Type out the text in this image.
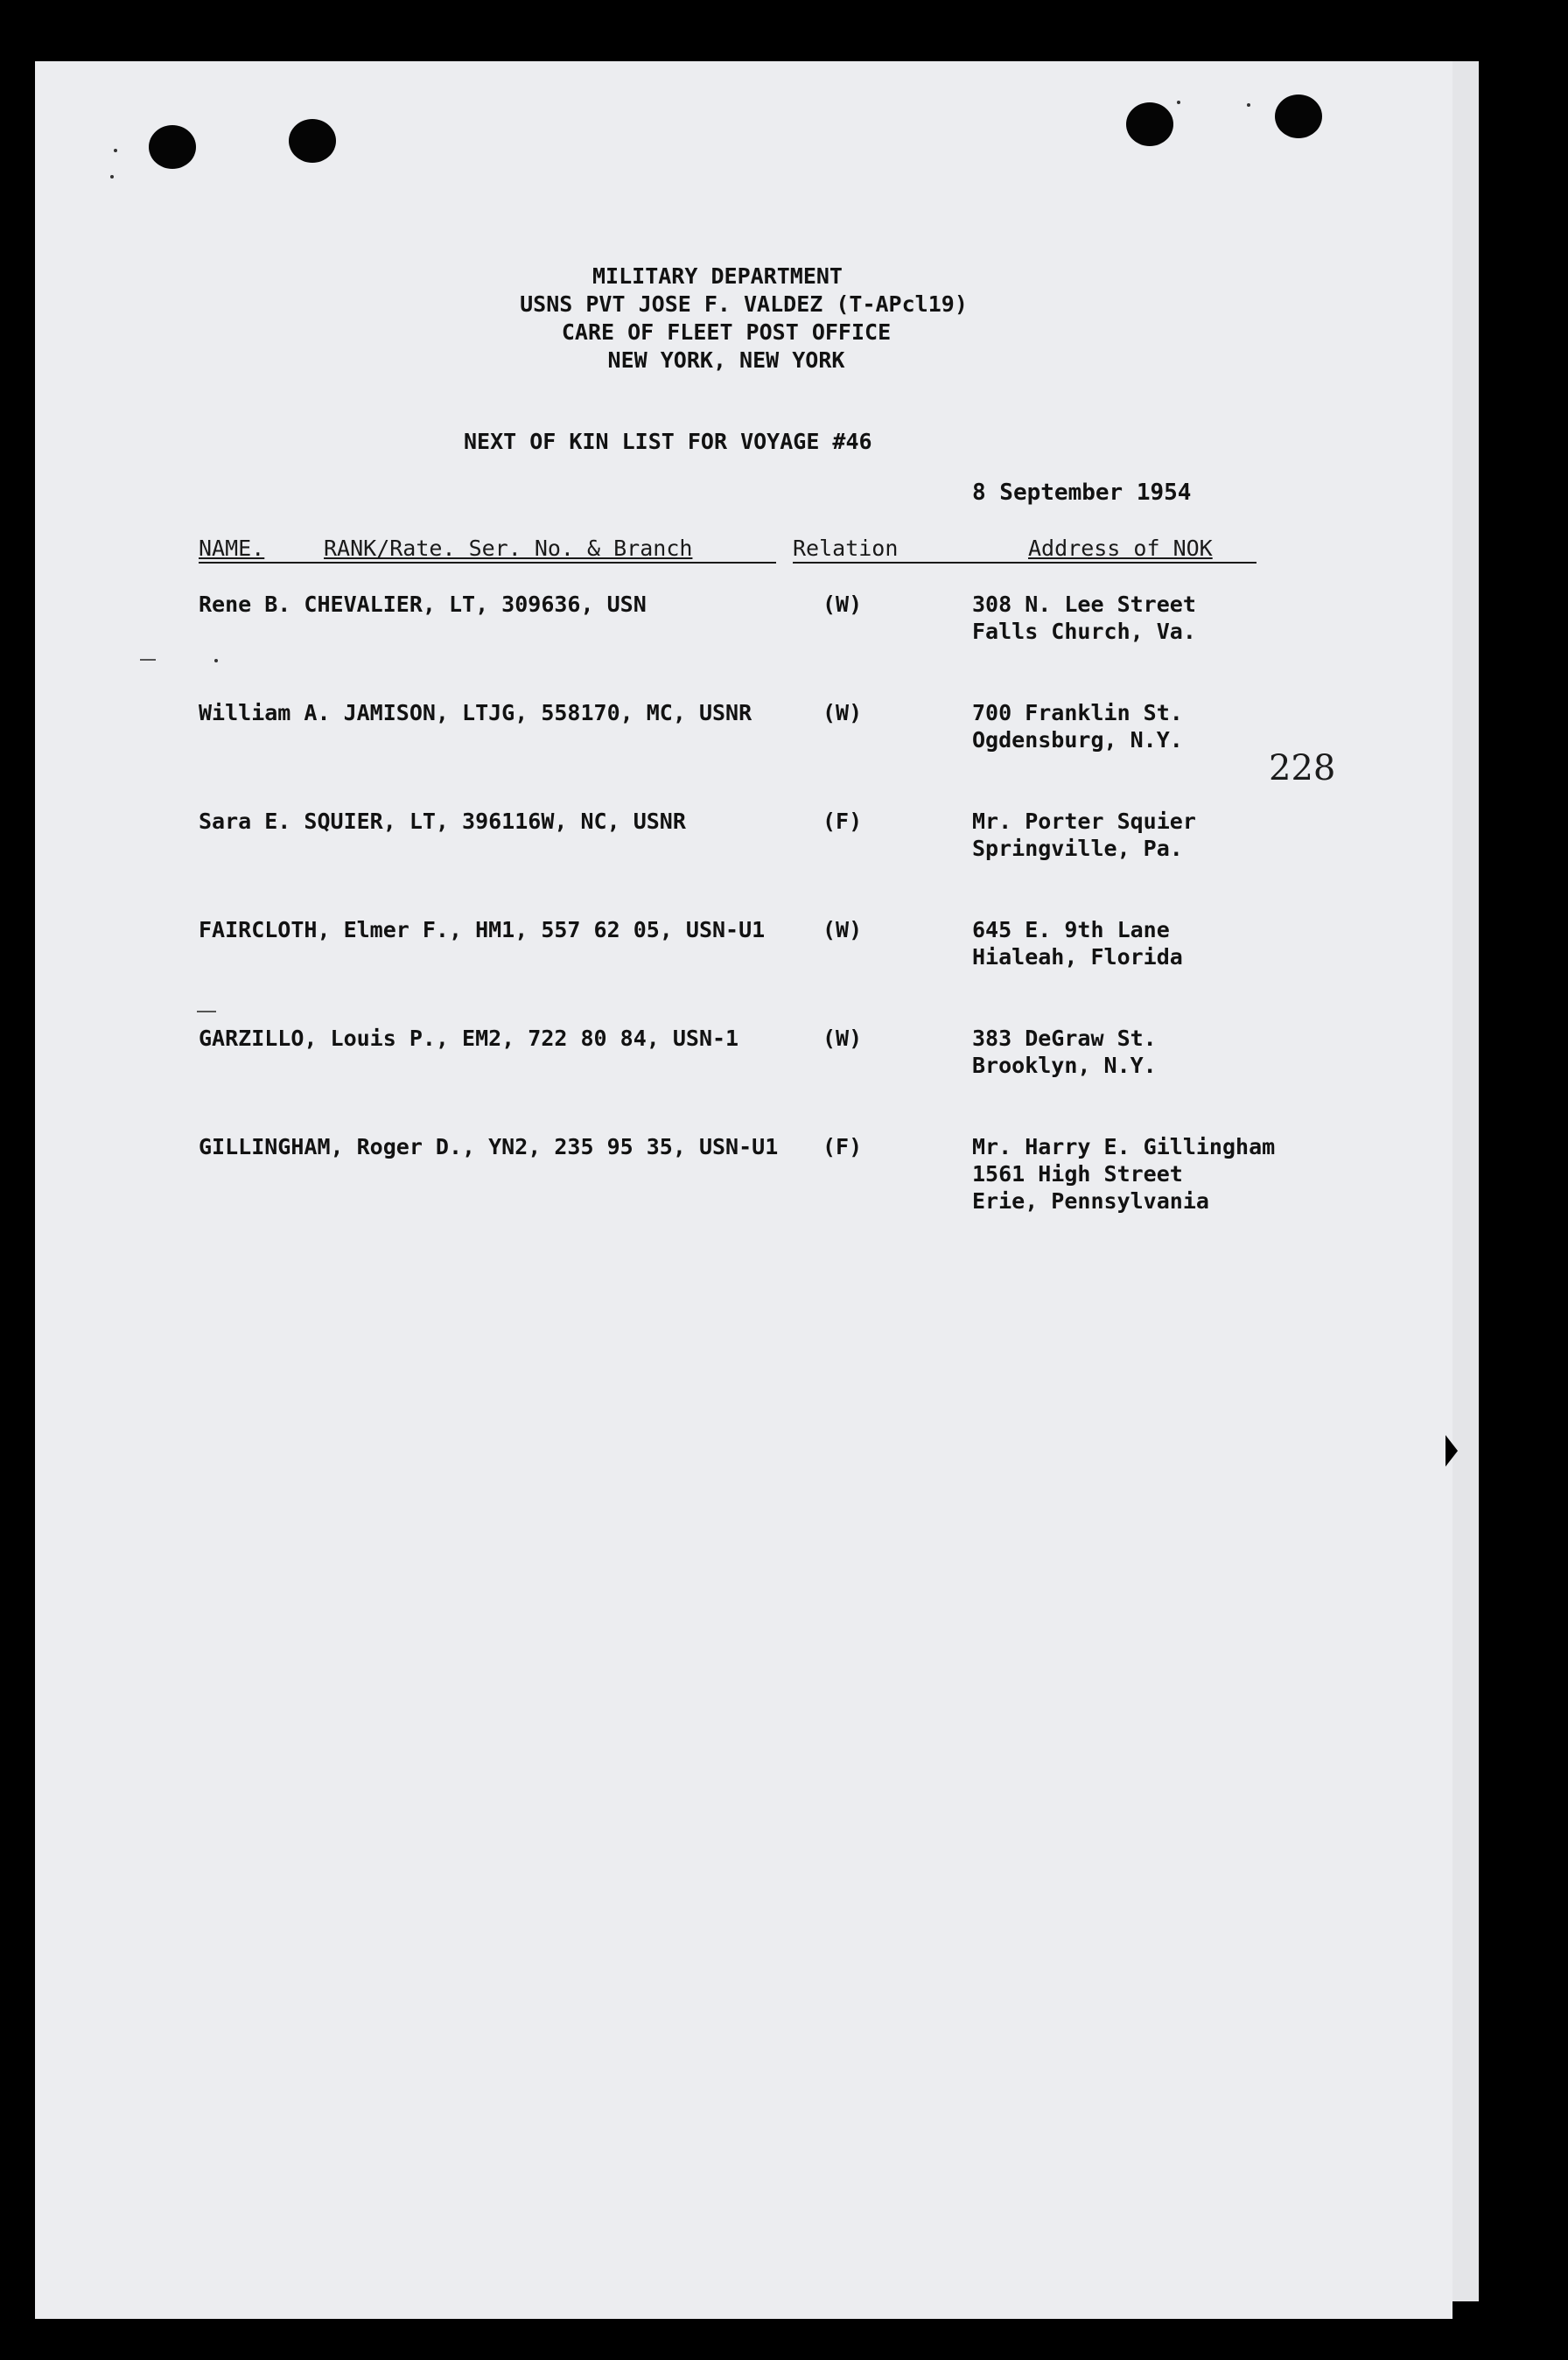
MILITARY DEPARTMENT
USNS PVT JOSE F. VALDEZ (T-APcl19)
CARE OF FLEET POST OFFICE
NEW YORK, NEW YORK
NEXT OF KIN LIST FOR VOYAGE #46
8 September 1954
NAME.	RANK/Rate. Ser. No. & Branch	Relation	Address of NOK
Rene B. CHEVALIER, LT, 309636, USN	(W)	308 N. Lee Street
Falls Church, Va.
William A. JAMISON, LTJG, 558170, MC, USNR	(W)	700 Franklin St.
Ogdensburg, N.Y.
Sara E. SQUIER, LT, 396116W, NC, USNR	(F)	Mr. Porter Squier
Springville, Pa.
FAIRCLOTH, Elmer F., HM1, 557 62 05, USN-U1	(W)	645 E. 9th Lane
Hialeah, Florida
GARZILLO, Louis P., EM2, 722 80 84, USN-1	(W)	383 DeGraw St.
Brooklyn, N.Y.
GILLINGHAM, Roger D., YN2, 235 95 35, USN-U1 (F)	Mr. Harry E. Gillingham
1561 High Street
Erie, Pennsylvania
228
